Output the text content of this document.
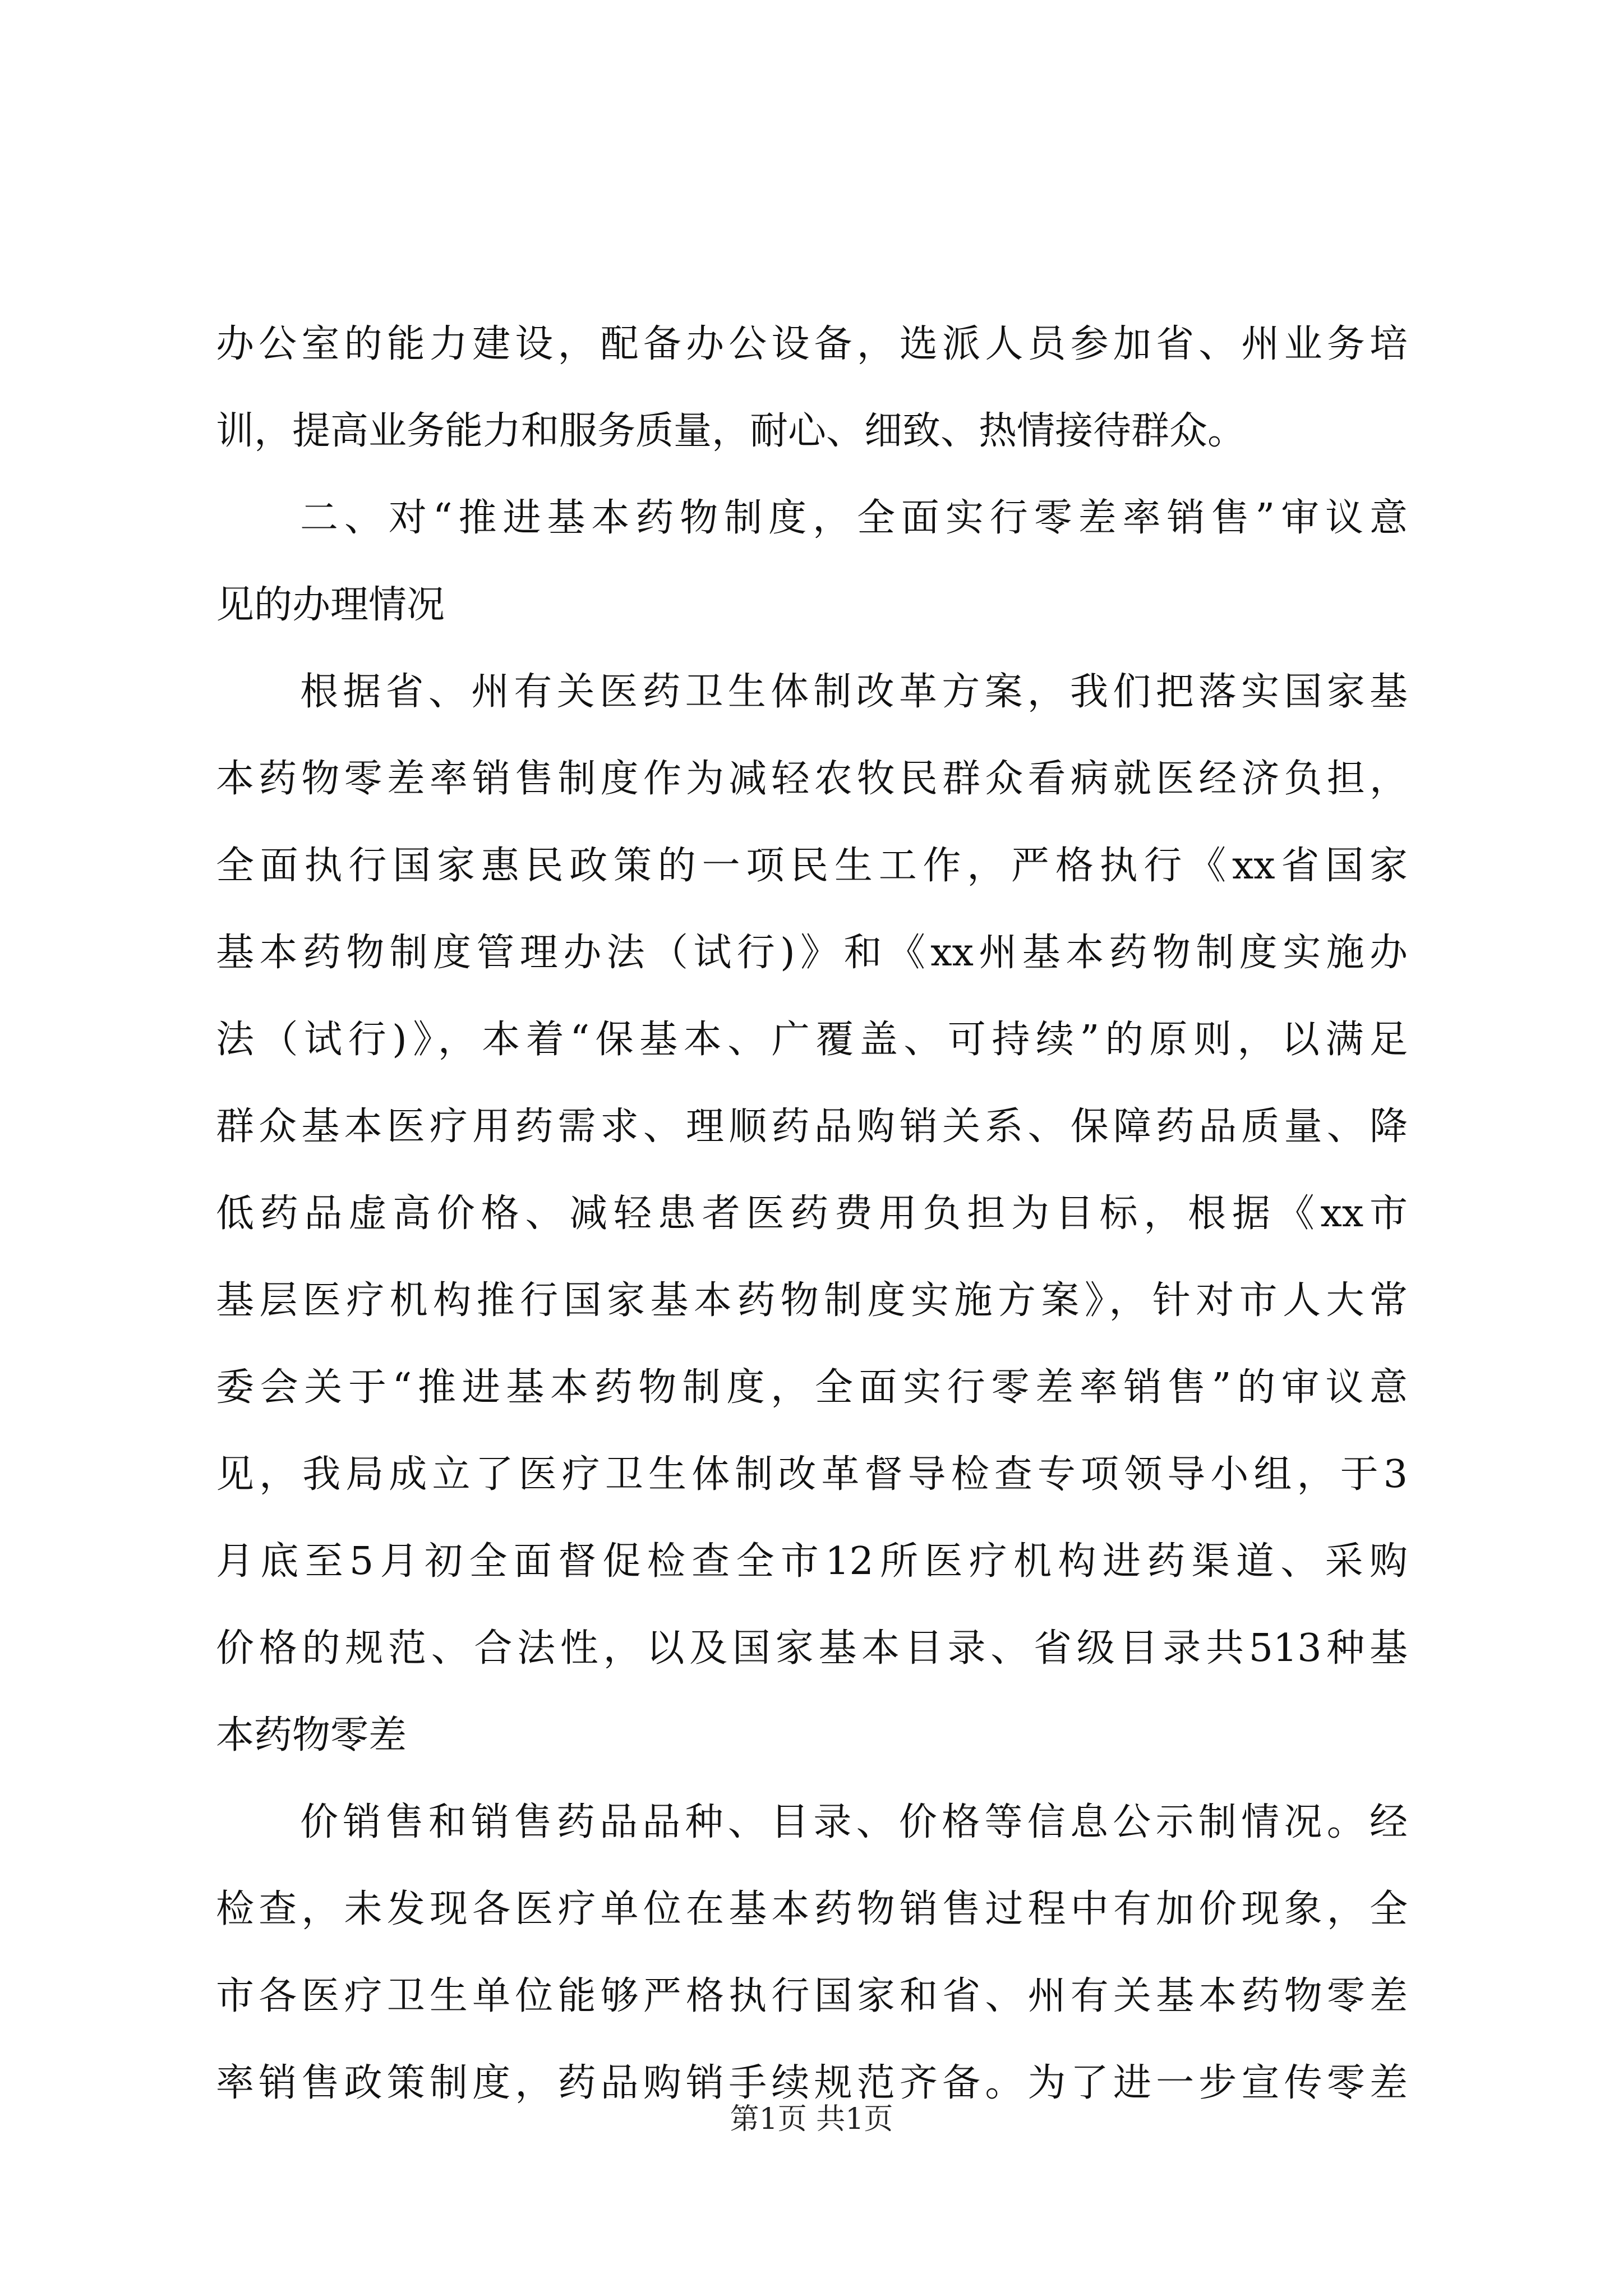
办公室的能力建设，配备办公设备，选派人员参加省、州业务培
训，提高业务能力和服务质量，耐心、细致、热情接待群众。
二、对“推进基本药物制度，全面实行零差率销售”审议意
见的办理情况
根据省、州有关医药卫生体制改革方案，我们把落实国家基
本药物零差率销售制度作为减轻农牧民群众看病就医经济负担，
全面执行国家惠民政策的一项民生工作，严格执行《xx省国家
基本药物制度管理办法（试行)》和《xx州基本药物制度实施办
法（试行)》，本着“保基本、广覆盖、可持续”的原则，以满足
群众基本医疗用药需求、理顺药品购销关系、保障药品质量、降
低药品虚高价格、减轻患者医药费用负担为目标，根据《xx市
基层医疗机构推行国家基本药物制度实施方案》，针对市人大常
委会关于“推进基本药物制度，全面实行零差率销售”的审议意
见，我局成立了医疗卫生体制改革督导检查专项领导小组，于3
月底至5月初全面督促检查全市12所医疗机构进药渠道、采购
价格的规范、合法性，以及国家基本目录、省级目录共513种基
本药物零差
价销售和销售药品品种、目录、价格等信息公示制情况。经
检查，未发现各医疗单位在基本药物销售过程中有加价现象，全
市各医疗卫生单位能够严格执行国家和省、州有关基本药物零差
率销售政策制度，药品购销手续规范齐备。为了进一步宣传零差
第1页 共1页
